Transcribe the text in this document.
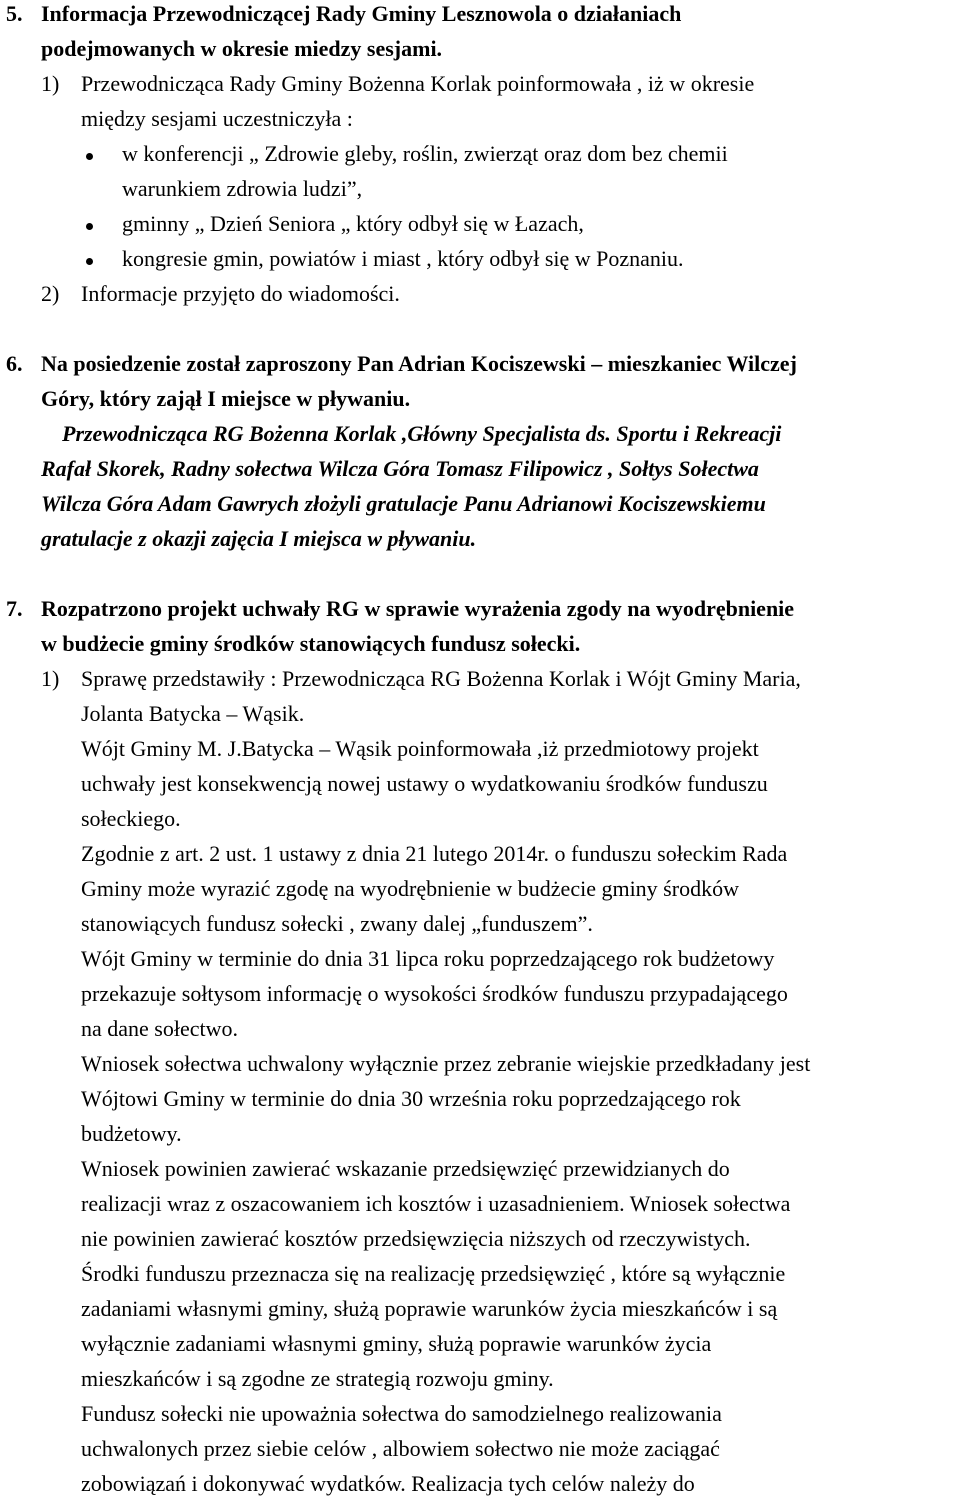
5. Informacja Przewodniczącej Rady Gminy Lesznowola o działaniach
podejmowanych w okresie miedzy sesjami.
1) Przewodnicząca Rady Gminy Bożenna Korlak poinformowała , iż w okresie
między sesjami uczestniczyła :
w konferencji „ Zdrowie gleby, roślin, zwierząt oraz dom bez chemii
warunkiem zdrowia ludzi”,
gminny „ Dzień Seniora „ który odbył się w Łazach,
kongresie gmin, powiatów i miast , który odbył się w Poznaniu.
2) Informacje przyjęto do wiadomości.
6. Na posiedzenie został zaproszony Pan Adrian Kociszewski – mieszkaniec Wilczej
Góry, który zajął I miejsce w pływaniu.
Przewodnicząca RG Bożenna Korlak ,Główny Specjalista ds. Sportu i Rekreacji
Rafał Skorek, Radny sołectwa Wilcza Góra Tomasz Filipowicz , Sołtys Sołectwa
Wilcza Góra Adam Gawrych złożyli gratulacje Panu Adrianowi Kociszewskiemu
gratulacje z okazji zajęcia I miejsca w pływaniu.
7. Rozpatrzono projekt uchwały RG w sprawie wyrażenia zgody na wyodrębnienie
w budżecie gminy środków stanowiących fundusz sołecki.
1) Sprawę przedstawiły : Przewodnicząca RG Bożenna Korlak i Wójt Gminy Maria,
Jolanta Batycka – Wąsik.
Wójt Gminy M. J.Batycka – Wąsik poinformowała ,iż przedmiotowy projekt
uchwały jest konsekwencją nowej ustawy o wydatkowaniu środków funduszu
sołeckiego.
Zgodnie z art. 2 ust. 1 ustawy z dnia 21 lutego 2014r. o funduszu sołeckim Rada
Gminy może wyrazić zgodę na wyodrębnienie w budżecie gminy środków
stanowiących fundusz sołecki , zwany dalej „funduszem”.
Wójt Gminy w terminie do dnia 31 lipca roku poprzedzającego rok budżetowy
przekazuje sołtysom informację o wysokości środków funduszu przypadającego
na dane sołectwo.
Wniosek sołectwa uchwalony wyłącznie przez zebranie wiejskie przedkładany jest
Wójtowi Gminy w terminie do dnia 30 września roku poprzedzającego rok
budżetowy.
Wniosek powinien zawierać wskazanie przedsięwzięć przewidzianych do
realizacji wraz z oszacowaniem ich kosztów i uzasadnieniem. Wniosek sołectwa
nie powinien zawierać kosztów przedsięwzięcia niższych od rzeczywistych.
Środki funduszu przeznacza się na realizację przedsięwzięć , które są wyłącznie
zadaniami własnymi gminy, służą poprawie warunków życia mieszkańców i są
wyłącznie zadaniami własnymi gminy, służą poprawie warunków życia
mieszkańców i są zgodne ze strategią rozwoju gminy.
Fundusz sołecki nie upoważnia sołectwa do samodzielnego realizowania
uchwalonych przez siebie celów , albowiem sołectwo nie może zaciągać
zobowiązań i dokonywać wydatków. Realizacja tych celów należy do
